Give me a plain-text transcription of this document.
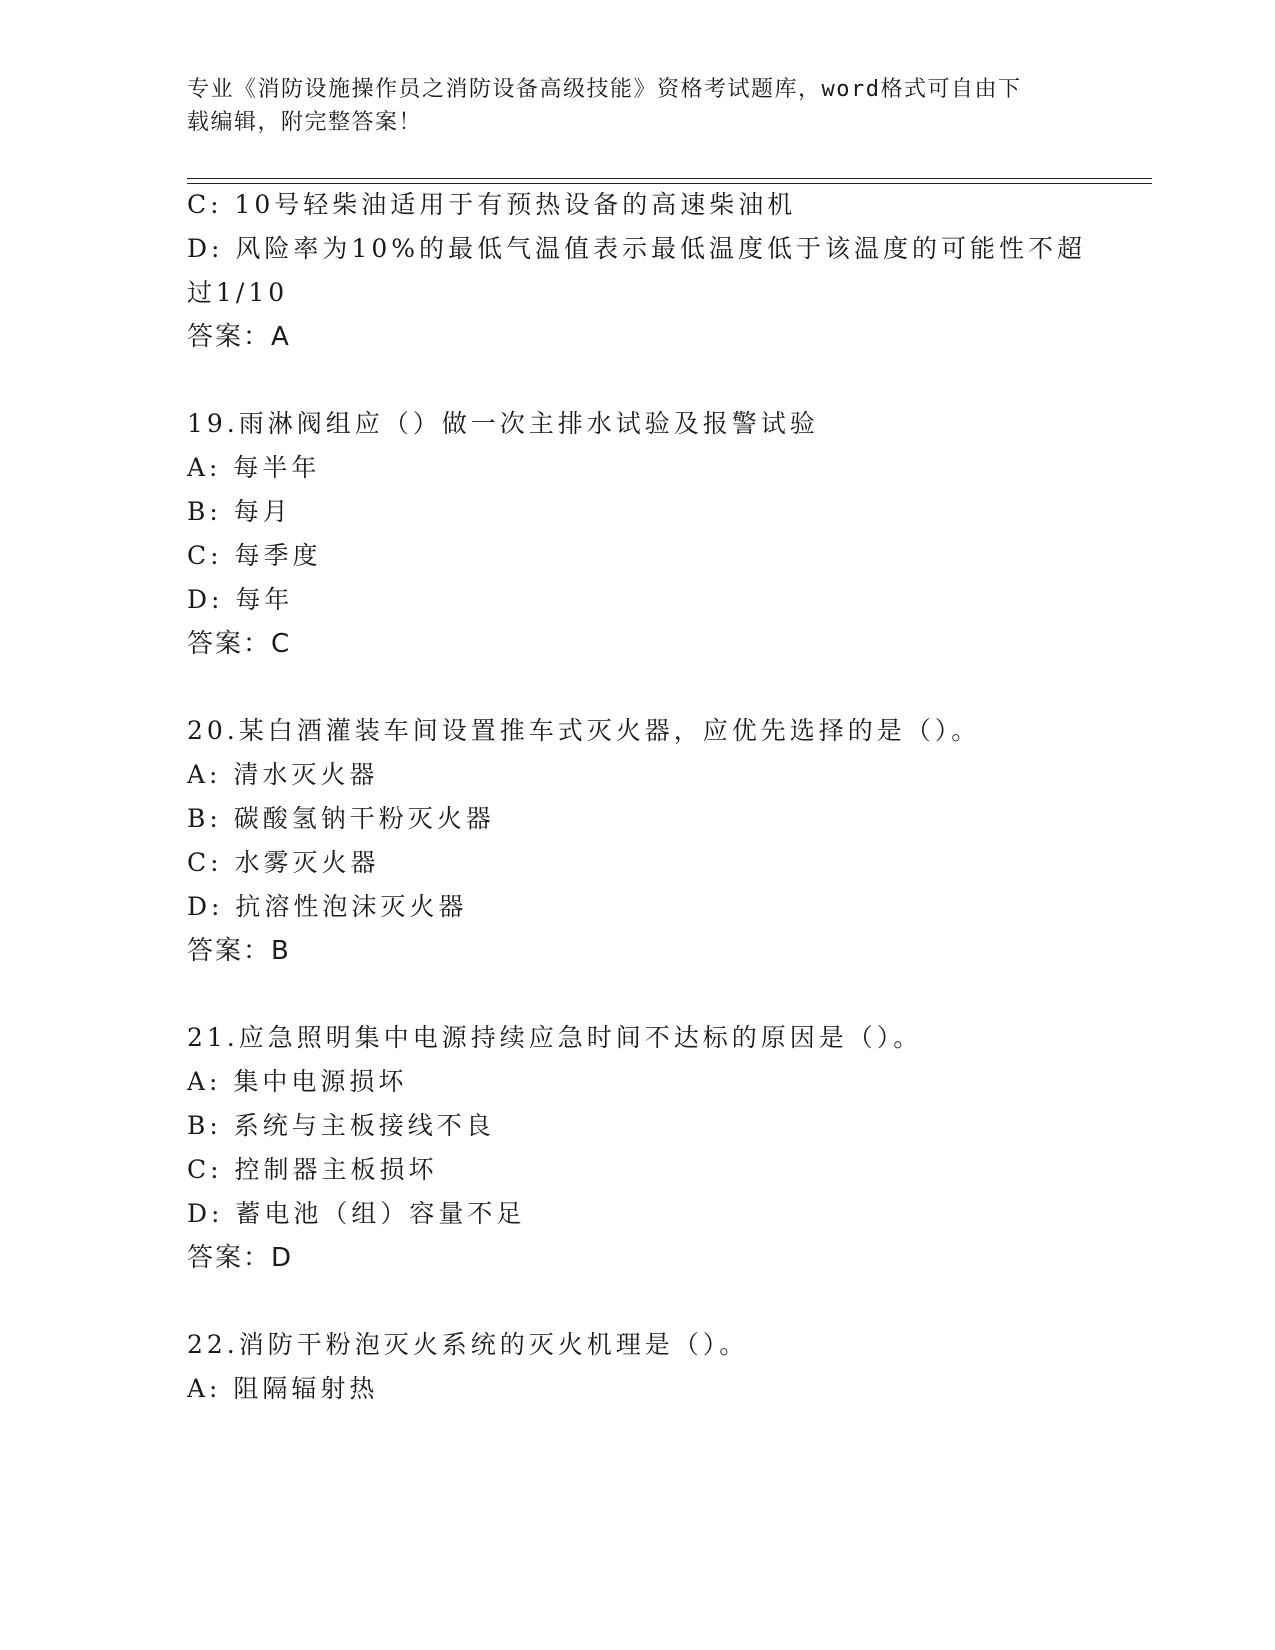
专业《消防设施操作员之消防设备高级技能》资格考试题库，word格式可自由下
载编辑，附完整答案！
C: 10号轻柴油适用于有预热设备的高速柴油机
D: 风险率为10%的最低气温值表示最低温度低于该温度的可能性不超
过1/10
答案：A
19.雨淋阀组应（）做一次主排水试验及报警试验
A: 每半年
B: 每月
C: 每季度
D: 每年
答案：C
20.某白酒灌装车间设置推车式灭火器，应优先选择的是（）。
A: 清水灭火器
B: 碳酸氢钠干粉灭火器
C: 水雾灭火器
D: 抗溶性泡沫灭火器
答案：B
21.应急照明集中电源持续应急时间不达标的原因是（）。
A: 集中电源损坏
B: 系统与主板接线不良
C: 控制器主板损坏
D: 蓄电池（组）容量不足
答案：D
22.消防干粉泡灭火系统的灭火机理是（）。
A: 阻隔辐射热
